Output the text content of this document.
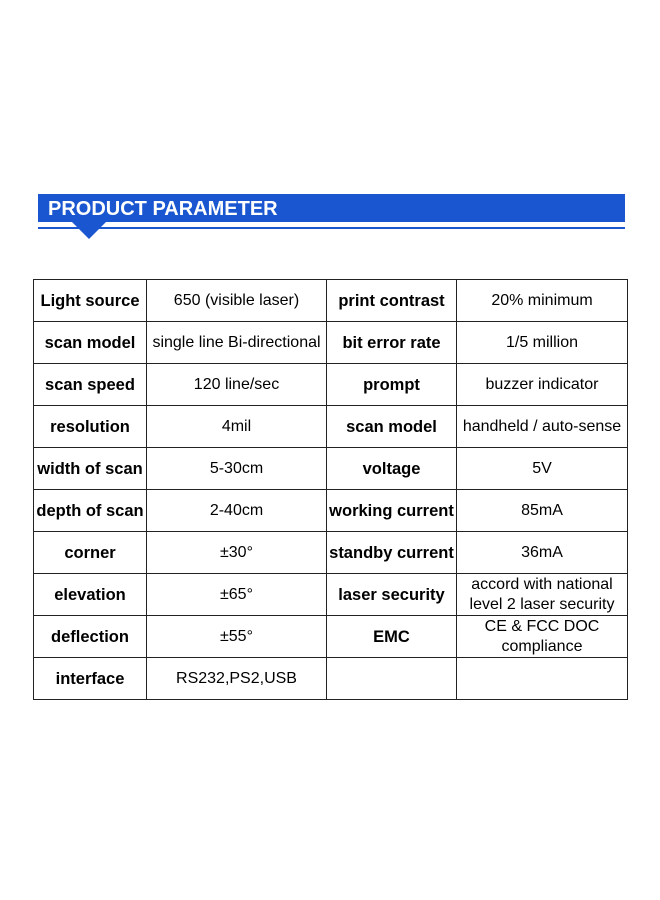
PRODUCT PARAMETER
Light source	650 (visible laser)	print contrast	20% minimum
scan model	single line Bi-directional	bit error rate	1/5 million
scan speed	120 line/sec	prompt	buzzer indicator
resolution	4mil	scan model	handheld / auto-sense
width of scan	5-30cm	voltage	5V
depth of scan	2-40cm	working current	85mA
corner	±30°	standby current	36mA
elevation	±65°	laser security	accord with national level 2 laser security
deflection	±55°	EMC	CE & FCC DOC compliance
interface	RS232,PS2,USB		
